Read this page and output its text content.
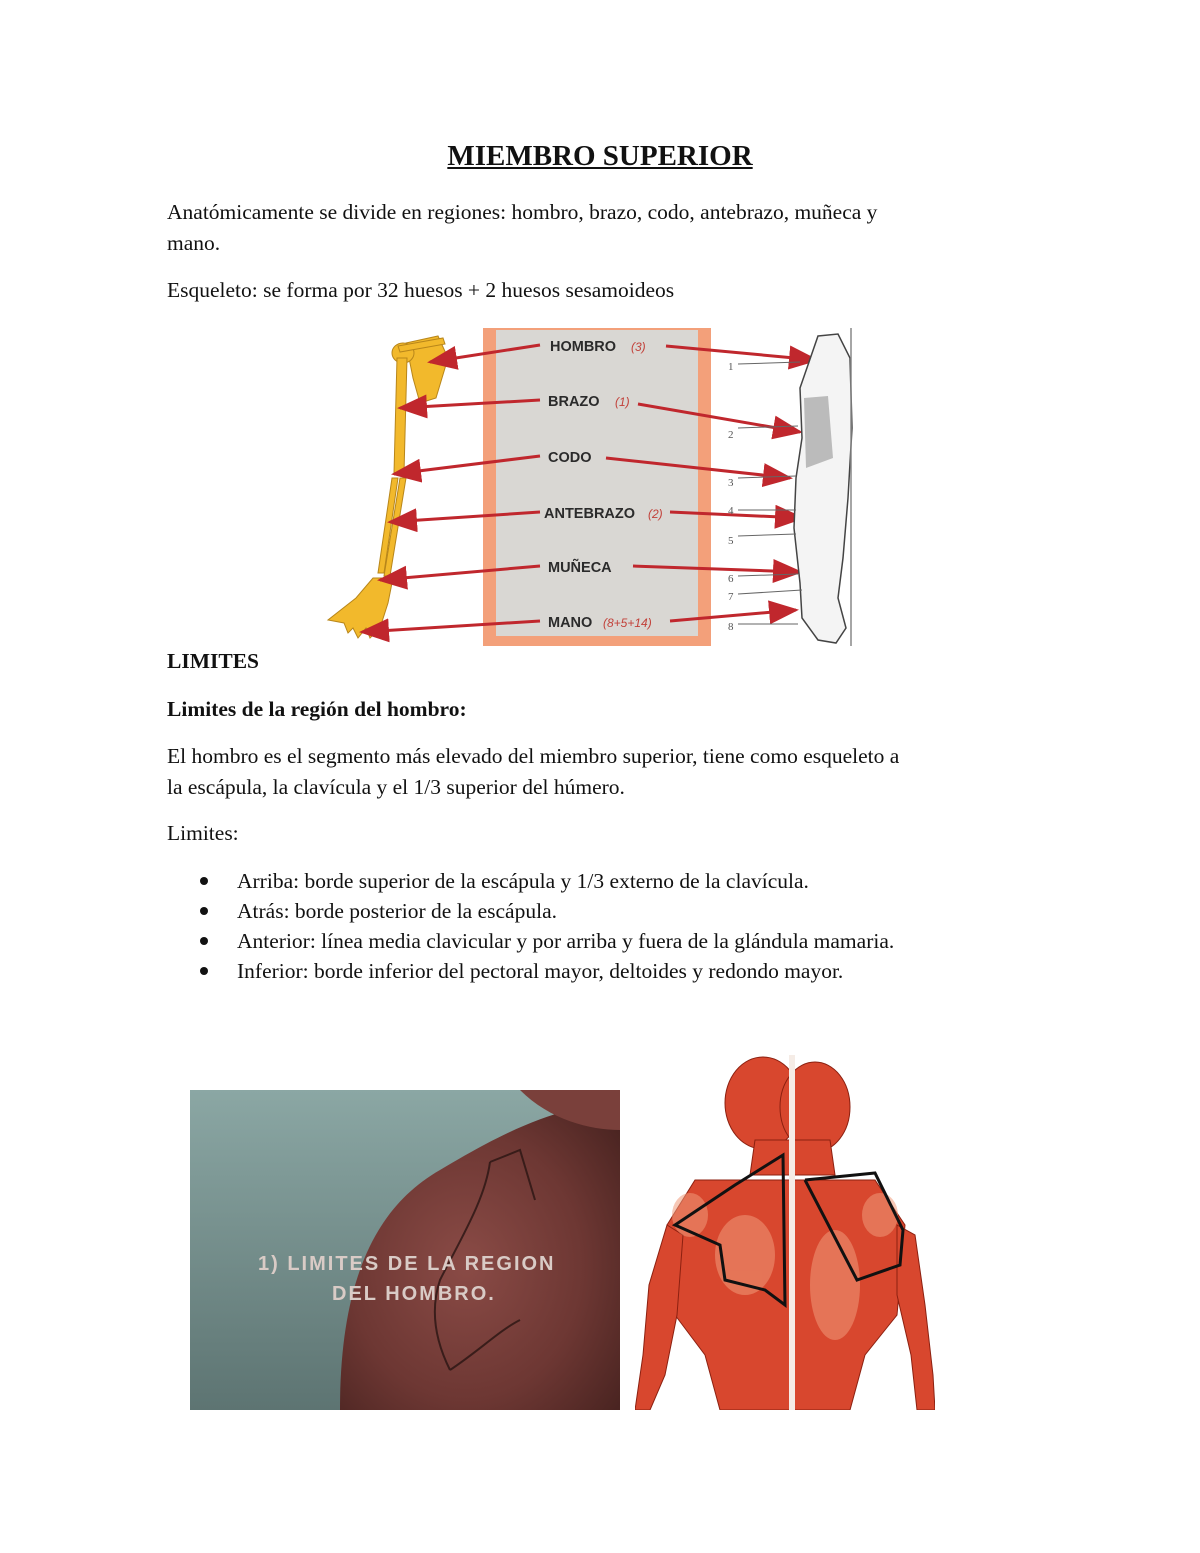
MIEMBRO SUPERIOR

Anatómicamente se divide en regiones: hombro, brazo, codo, antebrazo, muñeca y
mano.

Esqueleto: se forma por 32 huesos + 2 huesos sesamoideos

HOMBRO (3)
BRAZO (1)
CODO
ANTEBRAZO (2)
MUÑECA
MANO (8+5+14)
1
2
3
4
5
6
7
8

LIMITES

Limites de la región del hombro:

El hombro es el segmento más elevado del miembro superior, tiene como esqueleto a
la escápula, la clavícula y el 1/3 superior del húmero.

Limites:

Arriba: borde superior de la escápula y 1/3 externo de la clavícula.
Atrás: borde posterior de la escápula.
Anterior: línea media clavicular y por arriba y fuera de la glándula mamaria.
Inferior: borde inferior del pectoral mayor, deltoides y redondo mayor.
1) LIMITES DE LA REGION
DEL HOMBRO.
